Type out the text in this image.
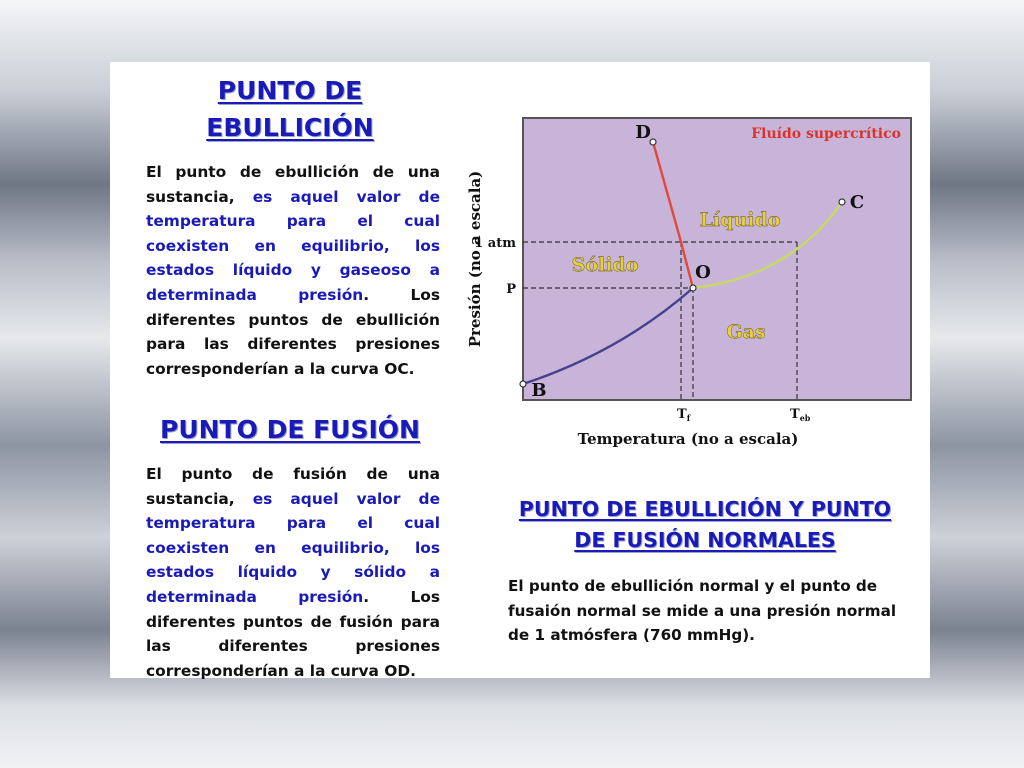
PUNTO DE
EBULLICIÓN

El punto de ebullición de una sustancia, es aquel valor de temperatura para el cual coexisten en equilibrio, los estados líquido y gaseoso a determinada presión. Los diferentes puntos de ebullición para las diferentes presiones corresponderían a la curva OC.

PUNTO DE FUSIÓN

El punto de fusión de una sustancia, es aquel valor de temperatura para el cual coexisten en equilibrio, los estados líquido y sólido a determinada presión. Los diferentes puntos de fusión para las diferentes presiones corresponderían a la curva OD.

PUNTO DE EBULLICIÓN Y PUNTO
DE FUSIÓN NORMALES

El punto de ebullición normal y el punto de fusaión normal se mide a una presión normal de 1 atmósfera (760 mmHg).

Fluído supercrítico
Líquido
Sólido
Gas
D
C
O
B
1 atm
P
$T_f$	$T_{eb}$
Temperatura (no a escala)
Presión (no a escala)
